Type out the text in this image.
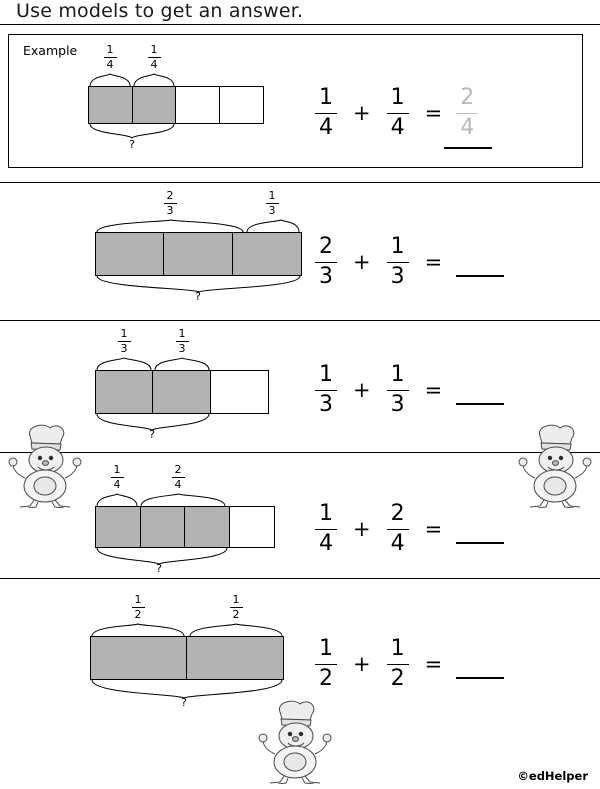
Use models to get an answer.
Example	1
4
1
4
?
$\frac{1}{4} + \frac{1}{4} = \frac{2}{4}$
2
3
1
3
?
$\frac{2}{3} + \frac{1}{3}$ =
1
3
1
3
?
$\frac{1}{3} + \frac{1}{3}$ =
1
4
2
4
?
$\frac{1}{4} + \frac{2}{4}$ =
1
2
1
2
?
$\frac{1}{2} + \frac{1}{2}$ =
©edHelper
